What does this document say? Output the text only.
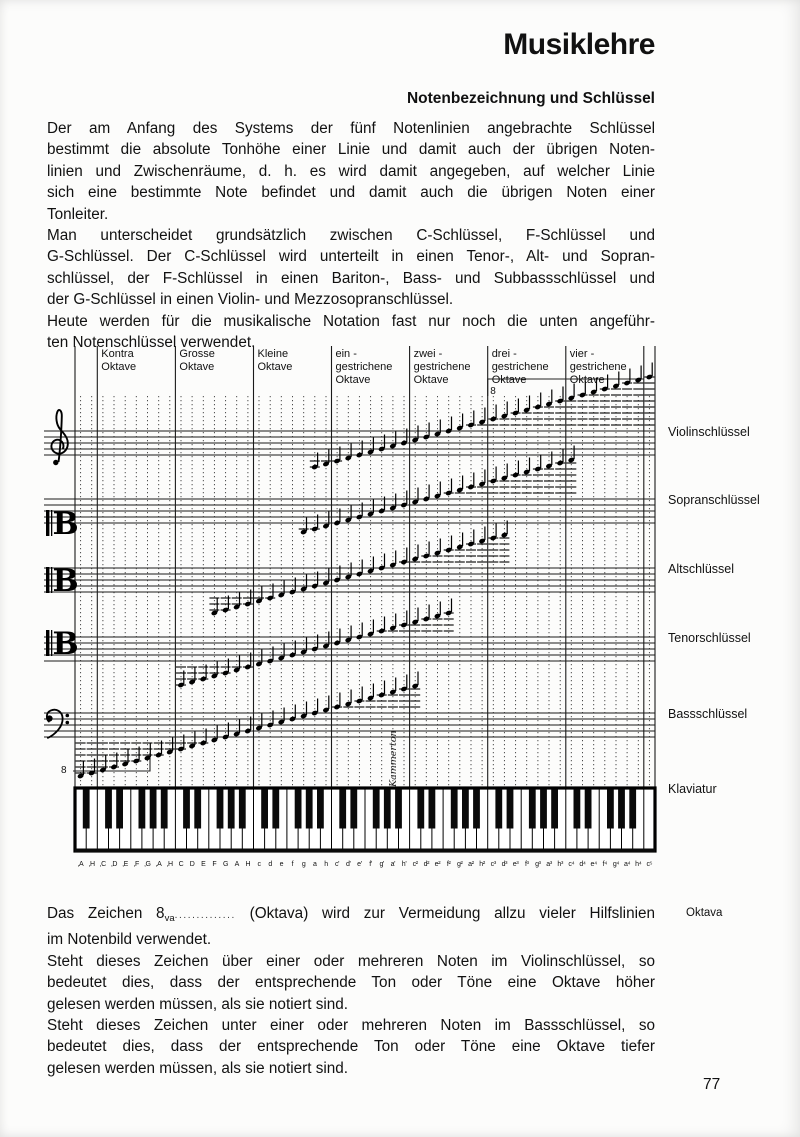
Musiklehre
Notenbezeichnung und Schlüssel
Der am Anfang des Systems der fünf Notenlinien angebrachte Schlüssel
bestimmt die absolute Tonhöhe einer Linie und damit auch der übrigen Noten-
linien und Zwischenräume, d. h. es wird damit angegeben, auf welcher Linie
sich eine bestimmte Note befindet und damit auch die übrigen Noten einer
Tonleiter.
Man unterscheidet grundsätzlich zwischen C-Schlüssel, F-Schlüssel und
G-Schlüssel. Der C-Schlüssel wird unterteilt in einen Tenor-, Alt- und Sopran-
schlüssel, der F-Schlüssel in einen Bariton-, Bass- und Subbassschlüssel und
der G-Schlüssel in einen Violin- und Mezzosopranschlüssel.
Heute werden für die musikalische Notation fast nur noch die unten angeführ-
ten Notenschlüssel verwendet.
8
8
B
B
B
Kammerton
Kontra
Oktave
Grosse
Oktave
Kleine
Oktave
ein -
gestrichene
Oktave
zwei -
gestrichene
Oktave
drei -
gestrichene
Oktave
vier -
gestrichene
Oktave
Violinschlüssel
Sopranschlüssel
Altschlüssel
Tenorschlüssel
Bassschlüssel
Klaviatur
‚A ‚H ‚C ‚D ‚E ‚F ‚G ‚A ‚H C D E F G A H	c	d	e	f	g	a	h	c' d' e'	f'	g' a' h' c² d² e² f² g² a² h² c³ d³ e³ f³ g³ a³ h³ c⁴ d⁴ e⁴ f⁴ g⁴ a⁴ h⁴ c⁵
Das Zeichen $8_{va}$.............. (Oktava) wird zur Vermeidung allzu vieler Hilfslinien
im Notenbild verwendet.
Steht dieses Zeichen über einer oder mehreren Noten im Violinschlüssel, so
bedeutet dies, dass der entsprechende Ton oder Töne eine Oktave höher
gelesen werden müssen, als sie notiert sind.
Steht dieses Zeichen unter einer oder mehreren Noten im Bassschlüssel, so
bedeutet dies, dass der entsprechende Ton oder Töne eine Oktave tiefer
gelesen werden müssen, als sie notiert sind.
Oktava
77
